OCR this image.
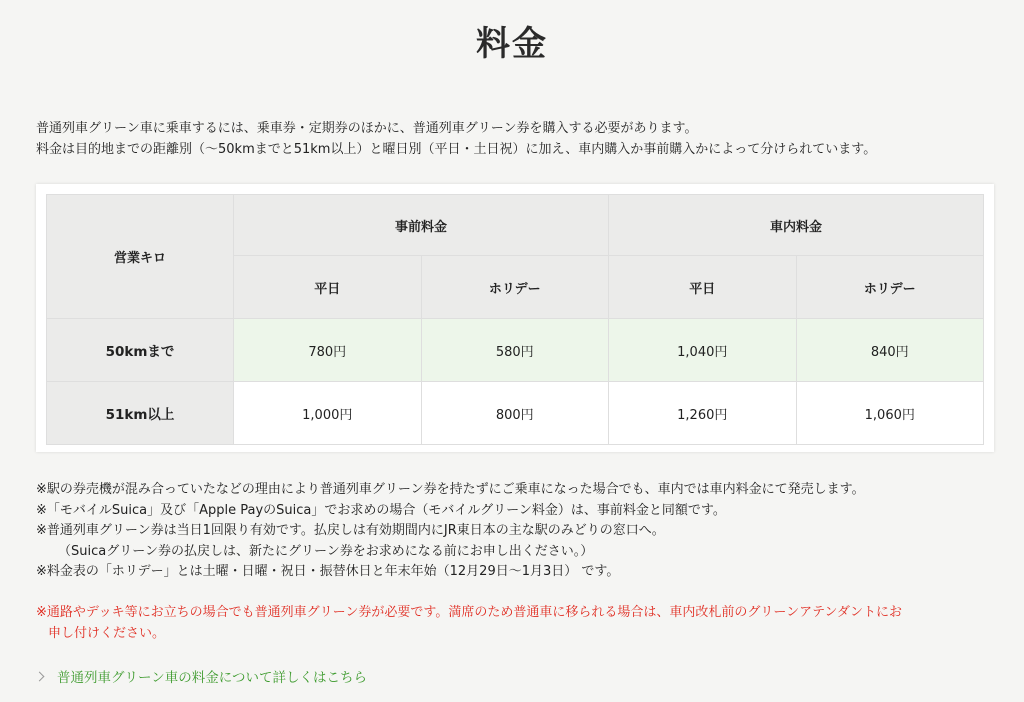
料金

普通列車グリーン車に乗車するには、乗車券・定期券のほかに、普通列車グリーン券を購入する必要があります。

料金は目的地までの距離別（〜50kmまでと51km以上）と曜日別（平日・土日祝）に加え、車内購入か事前購入かによって分けられています。

営業キロ	事前料金		車内料金	
	平日	ホリデー	平日	ホリデー
50kmまで	780円	580円	1,040円	840円
51km以上	1,000円	800円	1,260円	1,060円

※駅の券売機が混み合っていたなどの理由により普通列車グリーン券を持たずにご乗車になった場合でも、車内では車内料金にて発売します。

※「モバイルSuica」及び「Apple PayのSuica」でお求めの場合（モバイルグリーン料金）は、事前料金と同額です。

※普通列車グリーン券は当日1回限り有効です。払戻しは有効期間内にJR東日本の主な駅のみどりの窓口へ。

（Suicaグリーン券の払戻しは、新たにグリーン券をお求めになる前にお申し出ください。）

※料金表の「ホリデー」とは土曜・日曜・祝日・振替休日と年末年始（12月29日〜1月3日） です。

※通路やデッキ等にお立ちの場合でも普通列車グリーン券が必要です。満席のため普通車に移られる場合は、車内改札前のグリーンアテンダントにお

申し付けください。

普通列車グリーン車の料金について詳しくはこちら
